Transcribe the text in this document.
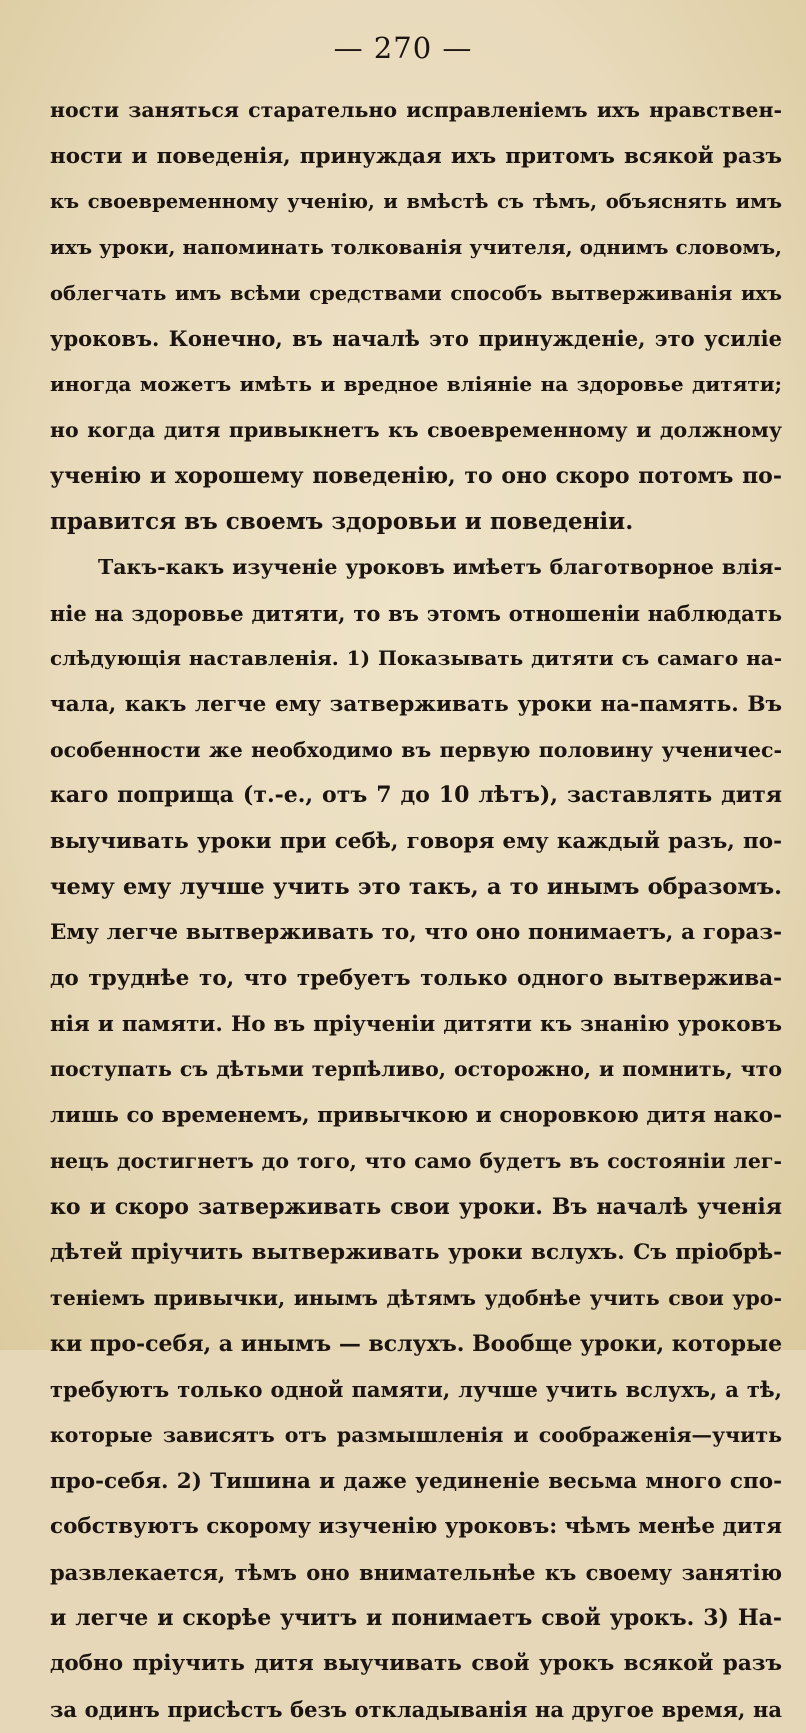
— 270 —
ности заняться старательно исправленіемъ ихъ нравствен-
ности и поведенія, принуждая ихъ притомъ всякой разъ
къ своевременному ученію, и вмѣстѣ съ тѣмъ, объяснять имъ
ихъ уроки, напоминать толкованія учителя, однимъ словомъ,
облегчать имъ всѣми средствами способъ вытверживанія ихъ
уроковъ. Конечно, въ началѣ это принужденіе, это усиліе
иногда можетъ имѣть и вредное вліяніе на здоровье дитяти;
но когда дитя привыкнетъ къ своевременному и должному
ученію и хорошему поведенію, то оно скоро потомъ по-
правится въ своемъ здоровьи и поведеніи.
Такъ-какъ изученіе уроковъ имѣетъ благотворное влія-
ніе на здоровье дитяти, то въ этомъ отношеніи наблюдать
слѣдующія наставленія. 1) Показывать дитяти съ самаго на-
чала, какъ легче ему затверживать уроки на-память. Въ
особенности же необходимо въ первую половину ученичес-
каго поприща (т.-е., отъ 7 до 10 лѣтъ), заставлять дитя
выучивать уроки при себѣ, говоря ему каждый разъ, по-
чему ему лучше учить это такъ, а то инымъ образомъ.
Ему легче вытверживать то, что оно понимаетъ, а гораз-
до труднѣе то, что требуетъ только одного вытвержива-
нія и памяти. Но въ пріученіи дитяти къ знанію уроковъ
поступать съ дѣтьми терпѣливо, осторожно, и помнить, что
лишь со временемъ, привычкою и сноровкою дитя нако-
нецъ достигнетъ до того, что само будетъ въ состояніи лег-
ко и скоро затверживать свои уроки. Въ началѣ ученія
дѣтей пріучить вытверживать уроки вслухъ. Съ пріобрѣ-
теніемъ привычки, инымъ дѣтямъ удобнѣе учить свои уро-
ки про-себя, а инымъ — вслухъ. Вообще уроки, которые
требуютъ только одной памяти, лучше учить вслухъ, а тѣ,
которые зависятъ отъ размышленія и соображенія—учить
про-себя. 2) Тишина и даже уединеніе весьма много спо-
собствуютъ скорому изученію уроковъ: чѣмъ менѣе дитя
развлекается, тѣмъ оно внимательнѣе къ своему занятію
и легче и скорѣе учитъ и понимаетъ свой урокъ. 3) На-
добно пріучить дитя выучивать свой урокъ всякой разъ
за одинъ присѣстъ безъ откладыванія на другое время, на
